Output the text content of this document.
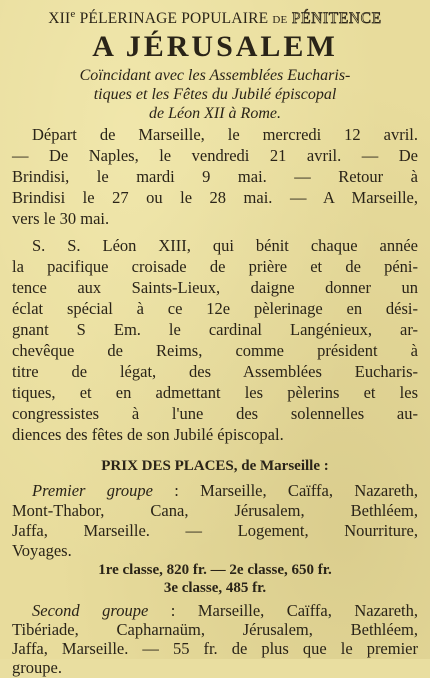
XIIe PÉLERINAGE POPULAIRE DE PÉNITENCE
A JÉRUSALEM
Coïncidant avec les Assemblées Eucharis-
tiques et les Fêtes du Jubilé épiscopal
de Léon XII à Rome.
Départ de Marseille, le mercredi 12 avril.
— De Naples, le vendredi 21 avril. — De
Brindisi, le mardi 9 mai. — Retour à
Brindisi le 27 ou le 28 mai. — A Marseille,
vers le 30 mai.
S. S. Léon XIII, qui bénit chaque année
la pacifique croisade de prière et de péni-
tence aux Saints-Lieux, daigne donner un
éclat spécial à ce 12e pèlerinage en dési-
gnant S Em. le cardinal Langénieux, ar-
chevêque de Reims, comme président à
titre de légat, des Assemblées Eucharis-
tiques, et en admettant les pèlerins et les
congressistes à l'une des solennelles au-
diences des fêtes de son Jubilé épiscopal.
PRIX DES PLACES, de Marseille :
Premier groupe : Marseille, Caïffa, Nazareth,
Mont-Thabor, Cana, Jérusalem, Bethléem,
Jaffa, Marseille. — Logement, Nourriture,
Voyages.
1re classe, 820 fr. — 2e classe, 650 fr.
3e classe, 485 fr.
Second groupe : Marseille, Caïffa, Nazareth,
Tibériade, Capharnaüm, Jérusalem, Bethléem,
Jaffa, Marseille. — 55 fr. de plus que le premier
groupe.
